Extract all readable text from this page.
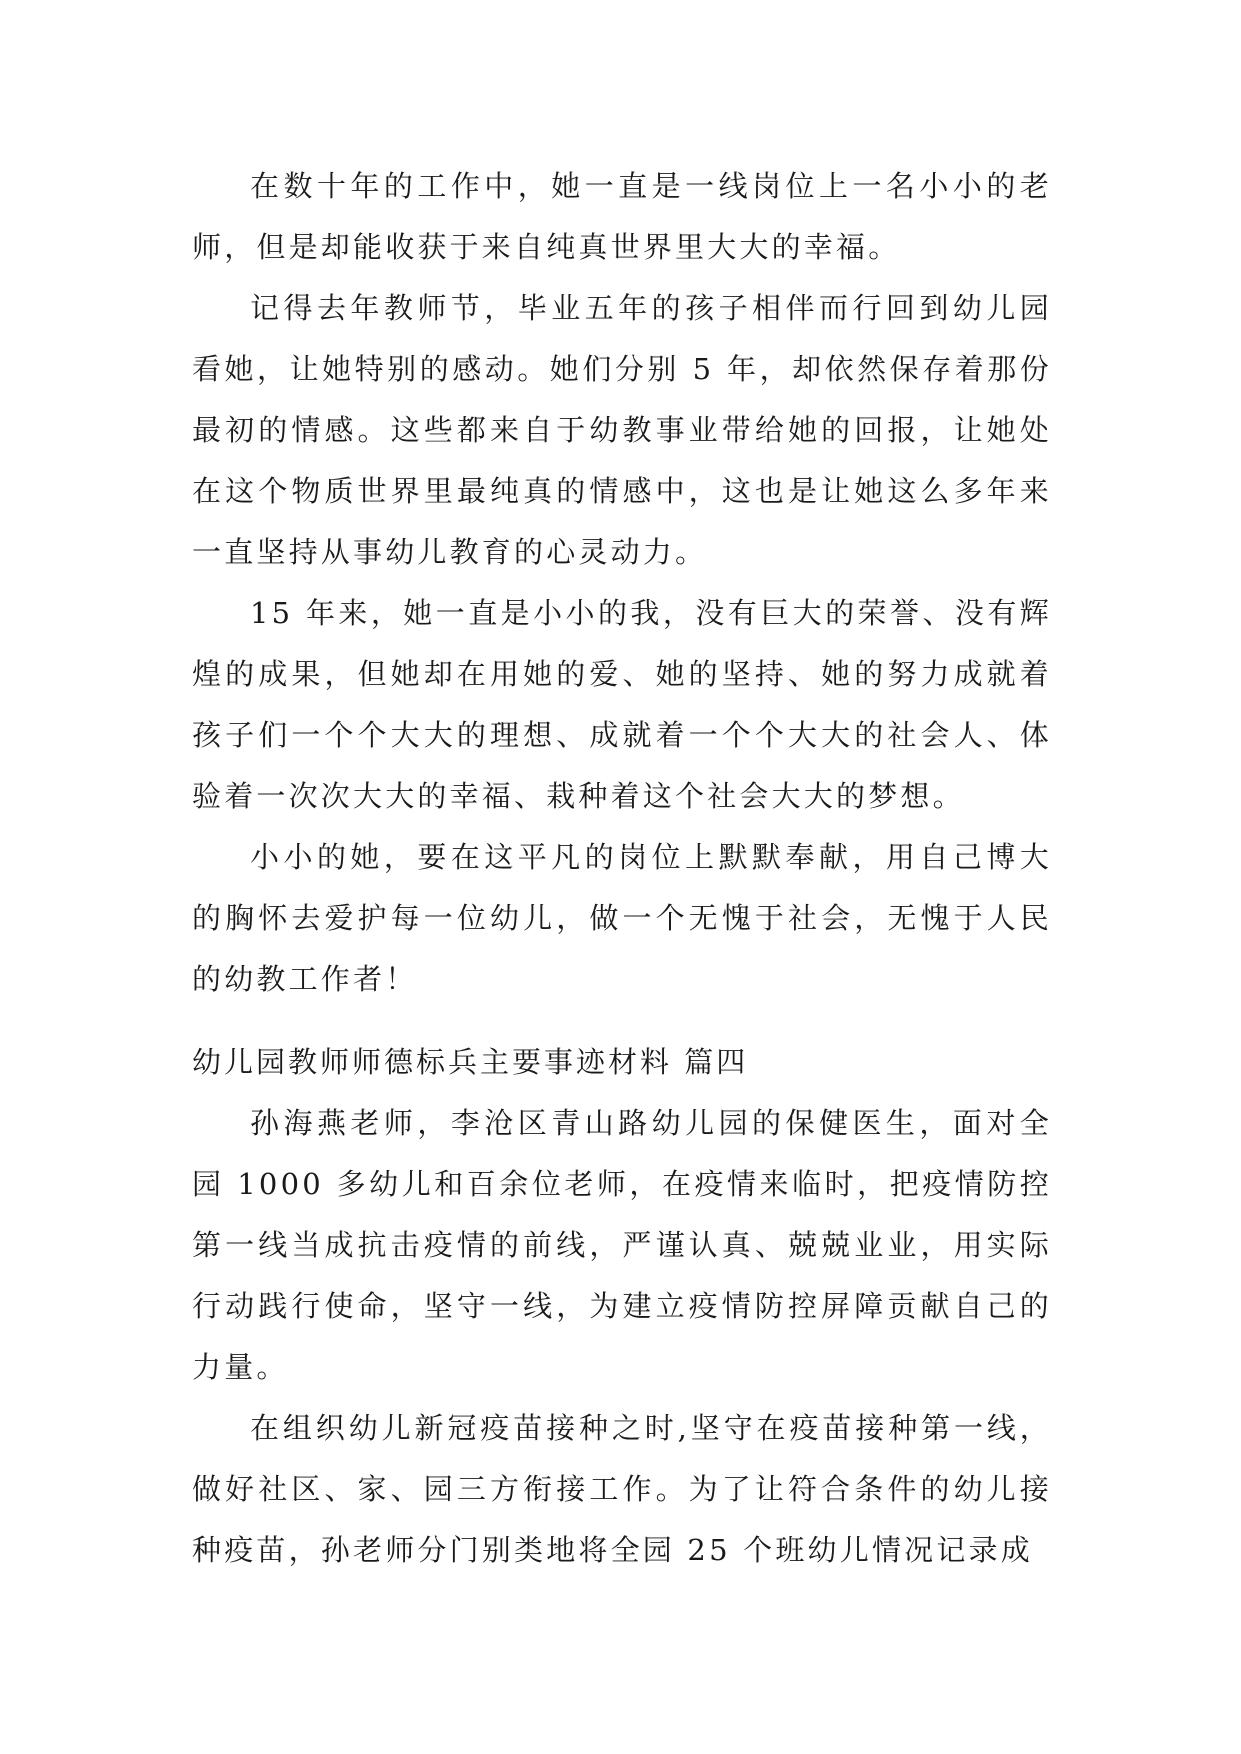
在数十年的工作中，她一直是一线岗位上一名小小的老师，但是却能收获于来自纯真世界里大大的幸福。

记得去年教师节，毕业五年的孩子相伴而行回到幼儿园看她，让她特别的感动。她们分别 5 年，却依然保存着那份最初的情感。这些都来自于幼教事业带给她的回报，让她处在这个物质世界里最纯真的情感中，这也是让她这么多年来一直坚持从事幼儿教育的心灵动力。

15 年来，她一直是小小的我，没有巨大的荣誉、没有辉煌的成果，但她却在用她的爱、她的坚持、她的努力成就着孩子们一个个大大的理想、成就着一个个大大的社会人、体验着一次次大大的幸福、栽种着这个社会大大的梦想。

小小的她，要在这平凡的岗位上默默奉献，用自己博大的胸怀去爱护每一位幼儿，做一个无愧于社会，无愧于人民的幼教工作者！

幼儿园教师师德标兵主要事迹材料 篇四

孙海燕老师，李沧区青山路幼儿园的保健医生，面对全园 1000 多幼儿和百余位老师，在疫情来临时，把疫情防控第一线当成抗击疫情的前线，严谨认真、兢兢业业，用实际行动践行使命，坚守一线，为建立疫情防控屏障贡献自己的力量。

在组织幼儿新冠疫苗接种之时,坚守在疫苗接种第一线，做好社区、家、园三方衔接工作。为了让符合条件的幼儿接种疫苗，孙老师分门别类地将全园 25 个班幼儿情况记录成
